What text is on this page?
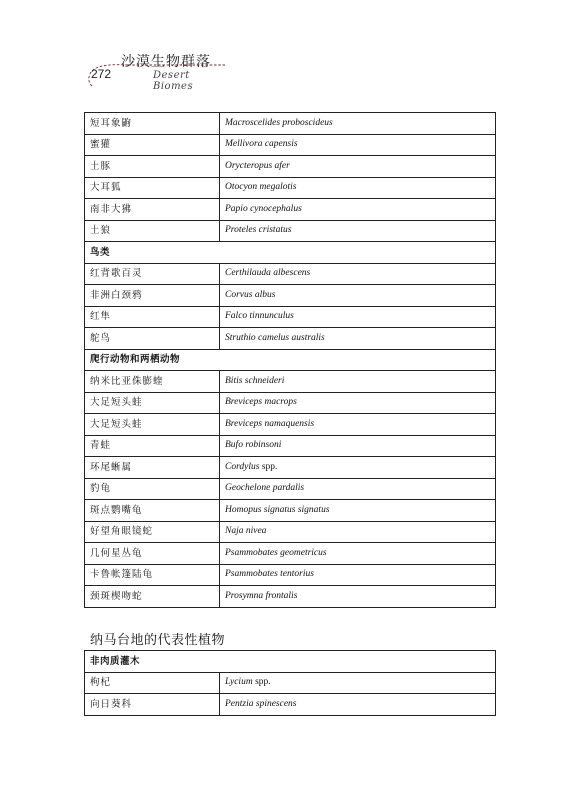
272
沙漠生物群落
Desert Biomes
短耳象鼩	Macroscelides proboscideus
蜜獾	Mellivora capensis
土豚	Orycteropus afer
大耳狐	Otocyon megalotis
南非大狒	Papio cynocephalus
土狼	Proteles cristatus
鸟类	
红背歌百灵	Certhilauda albescens
非洲白颈鸦	Corvus albus
红隼	Falco tinnunculus
鸵鸟	Struthio camelus australis
爬行动物和两栖动物	
纳米比亚侏膨蝰	Bitis schneideri
大足短头蛙	Breviceps macrops
大足短头蛙	Breviceps namaquensis
青蛙	Bufo robinsoni
环尾蜥属	Cordylus spp.
豹龟	Geochelone pardalis
斑点鹦嘴龟	Homopus signatus signatus
好望角眼镜蛇	Naja nivea
几何星丛龟	Psammobates geometricus
卡鲁帐篷陆龟	Psammobates tentorius
颈斑楔吻蛇	Prosymna frontalis
纳马台地的代表性植物
非肉质灌木	
枸杞	Lycium spp.
向日葵科	Pentzia spinescens
